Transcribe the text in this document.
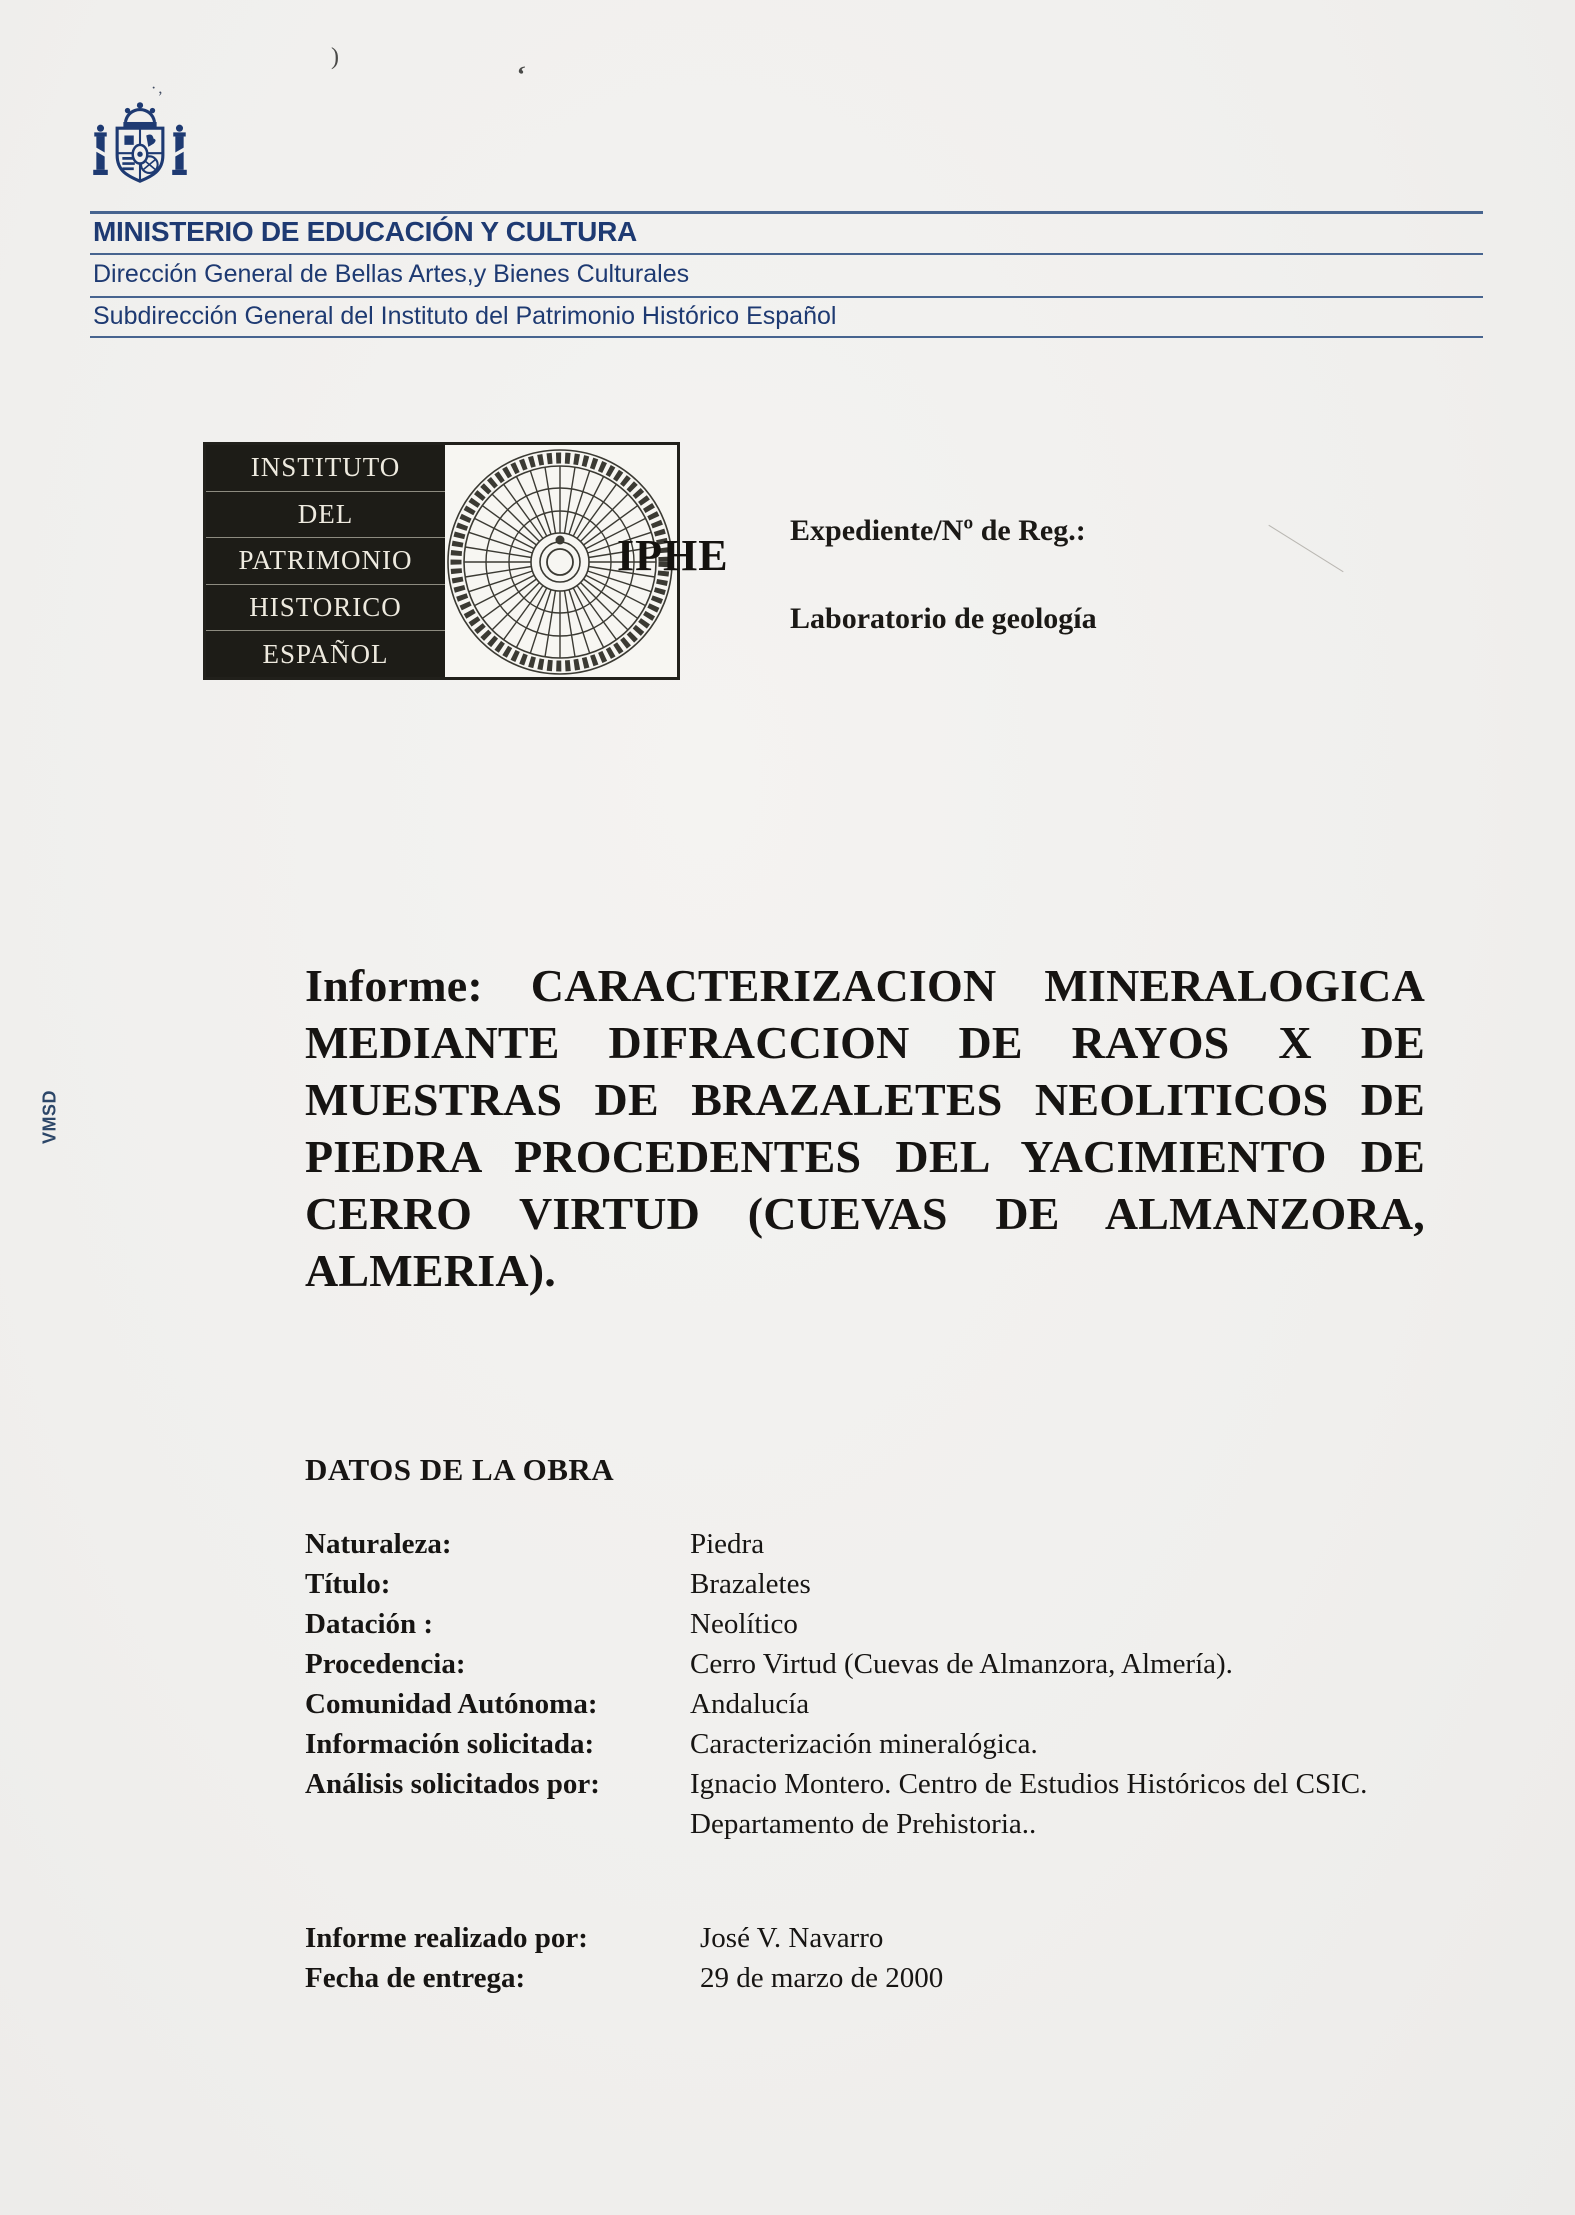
)
ʻ
·,
MINISTERIO DE EDUCACIÓN Y CULTURA
Dirección General de Bellas Artes,y Bienes Culturales
Subdirección General del Instituto del Patrimonio Histórico Español
INSTITUTO
DEL
PATRIMONIO
HISTORICO
ESPAÑOL
IPHE
Expediente/Nº de Reg.:
Laboratorio de geología
VMSD
Informe: CARACTERIZACION MINERALOGICA
MEDIANTE DIFRACCION DE RAYOS X DE
MUESTRAS DE BRAZALETES NEOLITICOS DE
PIEDRA PROCEDENTES DEL YACIMIENTO DE
CERRO VIRTUD (CUEVAS DE ALMANZORA,
ALMERIA).
DATOS DE LA OBRA
Naturaleza:	Piedra
Título:	Brazaletes
Datación :	Neolítico
Procedencia:	Cerro Virtud (Cuevas de Almanzora, Almería).
Comunidad Autónoma:	Andalucía
Información solicitada:	Caracterización mineralógica.
Análisis solicitados por:	Ignacio Montero. Centro de Estudios Históricos del CSIC.
Departamento de Prehistoria..
Informe realizado por:	José V. Navarro
Fecha de entrega:	29 de marzo de 2000
